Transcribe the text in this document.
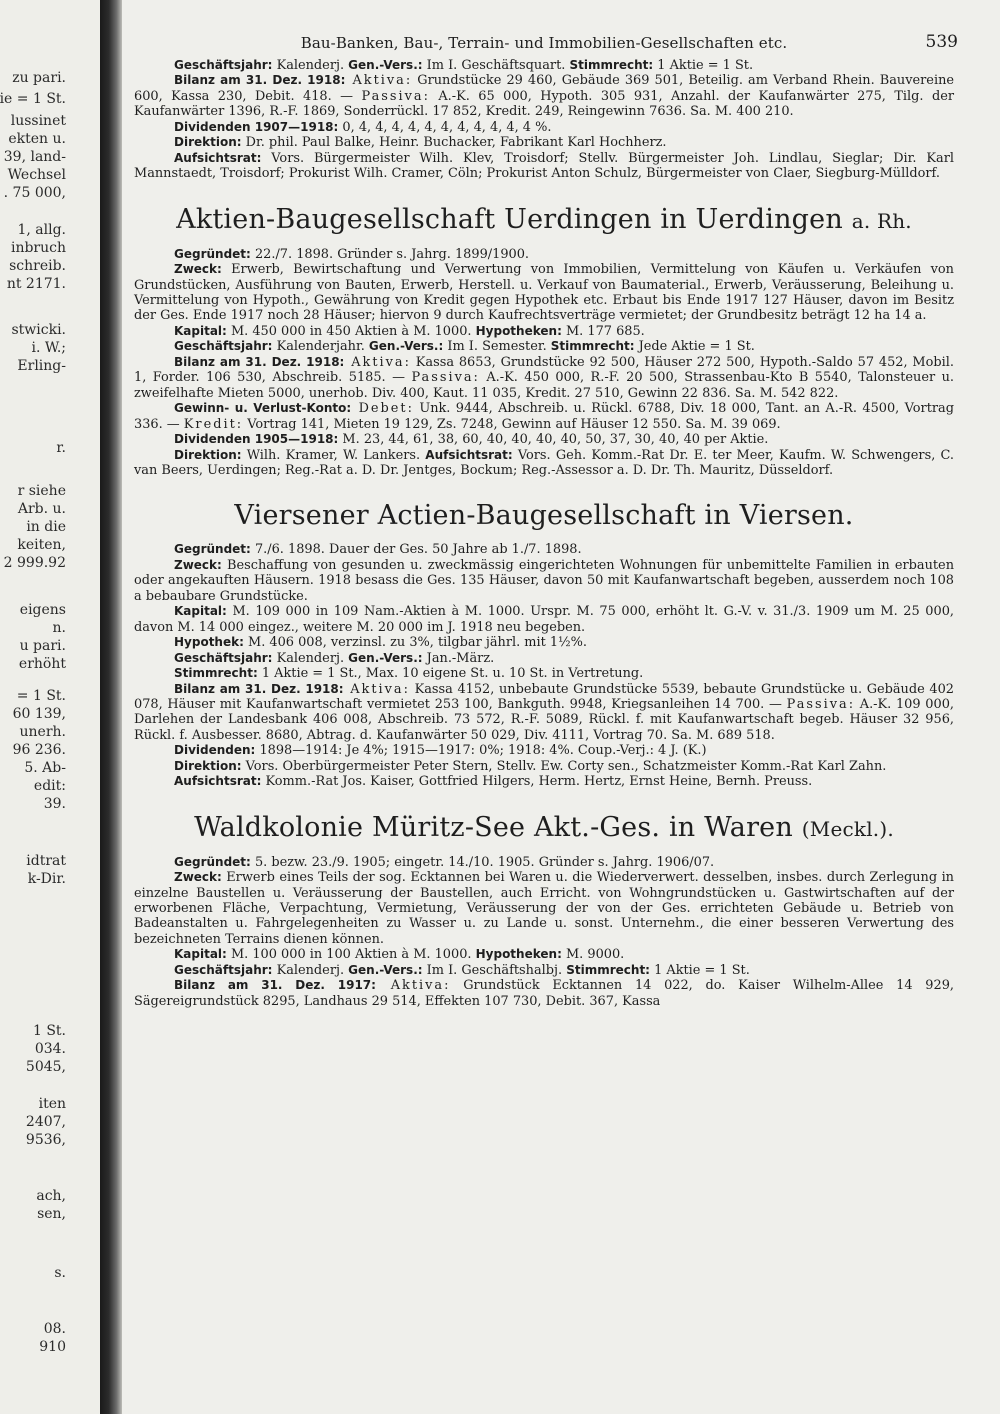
zu pari.
ie = 1 St.
lussinet
ekten u.
39, land-
Wechsel
. 75 000,
1, allg.
inbruch
schreib.
nt 2171.
stwicki.
i. W.;
Erling-
r.
r siehe
Arb. u.
in die
keiten,
2 999.92
eigens
n.
u pari.
erhöht
= 1 St.
60 139,
unerh.
96 236.
5. Ab-
edit:
39.
idtrat
k-Dir.
1 St.
034.
5045,
iten
2407,
9536,
ach,
sen,
s.
08.
910
Bau-Banken, Bau-, Terrain- und Immobilien-Gesellschaften etc.	539

Geschäftsjahr: Kalenderj. Gen.-Vers.: Im I. Geschäftsquart. Stimmrecht: 1 Aktie = 1 St.

Bilanz am 31. Dez. 1918: Aktiva: Grundstücke 29 460, Gebäude 369 501, Beteilig. am Verband Rhein. Bauvereine 600, Kassa 230, Debit. 418. — Passiva: A.-K. 65 000, Hypoth. 305 931, Anzahl. der Kaufanwärter 275, Tilg. der Kaufanwärter 1396, R.-F. 1869, Sonderrückl. 17 852, Kredit. 249, Reingewinn 7636. Sa. M. 400 210.

Dividenden 1907—1918: 0, 4, 4, 4, 4, 4, 4, 4, 4, 4, 4, 4 %.

Direktion: Dr. phil. Paul Balke, Heinr. Buchacker, Fabrikant Karl Hochherz.

Aufsichtsrat: Vors. Bürgermeister Wilh. Klev, Troisdorf; Stellv. Bürgermeister Joh. Lindlau, Sieglar; Dir. Karl Mannstaedt, Troisdorf; Prokurist Wilh. Cramer, Cöln; Prokurist Anton Schulz, Bürgermeister von Claer, Siegburg-Mülldorf.

Aktien-Baugesellschaft Uerdingen in Uerdingen a. Rh.

Gegründet: 22./7. 1898. Gründer s. Jahrg. 1899/1900.

Zweck: Erwerb, Bewirtschaftung und Verwertung von Immobilien, Vermittelung von Käufen u. Verkäufen von Grundstücken, Ausführung von Bauten, Erwerb, Herstell. u. Verkauf von Baumaterial., Erwerb, Veräusserung, Beleihung u. Vermittelung von Hypoth., Gewährung von Kredit gegen Hypothek etc. Erbaut bis Ende 1917 127 Häuser, davon im Besitz der Ges. Ende 1917 noch 28 Häuser; hiervon 9 durch Kaufrechtsverträge vermietet; der Grundbesitz beträgt 12 ha 14 a.

Kapital: M. 450 000 in 450 Aktien à M. 1000. Hypotheken: M. 177 685.

Geschäftsjahr: Kalenderjahr. Gen.-Vers.: Im I. Semester. Stimmrecht: Jede Aktie = 1 St.

Bilanz am 31. Dez. 1918: Aktiva: Kassa 8653, Grundstücke 92 500, Häuser 272 500, Hypoth.-Saldo 57 452, Mobil. 1, Forder. 106 530, Abschreib. 5185. — Passiva: A.-K. 450 000, R.-F. 20 500, Strassenbau-Kto B 5540, Talonsteuer u. zweifelhafte Mieten 5000, unerhob. Div. 400, Kaut. 11 035, Kredit. 27 510, Gewinn 22 836. Sa. M. 542 822.

Gewinn- u. Verlust-Konto: Debet: Unk. 9444, Abschreib. u. Rückl. 6788, Div. 18 000, Tant. an A.-R. 4500, Vortrag 336. — Kredit: Vortrag 141, Mieten 19 129, Zs. 7248, Gewinn auf Häuser 12 550. Sa. M. 39 069.

Dividenden 1905—1918: M. 23, 44, 61, 38, 60, 40, 40, 40, 40, 50, 37, 30, 40, 40 per Aktie.

Direktion: Wilh. Kramer, W. Lankers. Aufsichtsrat: Vors. Geh. Komm.-Rat Dr. E. ter Meer, Kaufm. W. Schwengers, C. van Beers, Uerdingen; Reg.-Rat a. D. Dr. Jentges, Bockum; Reg.-Assessor a. D. Dr. Th. Mauritz, Düsseldorf.

Viersener Actien-Baugesellschaft in Viersen.

Gegründet: 7./6. 1898. Dauer der Ges. 50 Jahre ab 1./7. 1898.

Zweck: Beschaffung von gesunden u. zweckmässig eingerichteten Wohnungen für unbemittelte Familien in erbauten oder angekauften Häusern. 1918 besass die Ges. 135 Häuser, davon 50 mit Kaufanwartschaft begeben, ausserdem noch 108 a bebaubare Grundstücke.

Kapital: M. 109 000 in 109 Nam.-Aktien à M. 1000. Urspr. M. 75 000, erhöht lt. G.-V. v. 31./3. 1909 um M. 25 000, davon M. 14 000 eingez., weitere M. 20 000 im J. 1918 neu begeben.

Hypothek: M. 406 008, verzinsl. zu 3%, tilgbar jährl. mit 1½%.

Geschäftsjahr: Kalenderj. Gen.-Vers.: Jan.-März.

Stimmrecht: 1 Aktie = 1 St., Max. 10 eigene St. u. 10 St. in Vertretung.

Bilanz am 31. Dez. 1918: Aktiva: Kassa 4152, unbebaute Grundstücke 5539, bebaute Grundstücke u. Gebäude 402 078, Häuser mit Kaufanwartschaft vermietet 253 100, Bankguth. 9948, Kriegsanleihen 14 700. — Passiva: A.-K. 109 000, Darlehen der Landesbank 406 008, Abschreib. 73 572, R.-F. 5089, Rückl. f. mit Kaufanwartschaft begeb. Häuser 32 956, Rückl. f. Ausbesser. 8680, Abtrag. d. Kaufanwärter 50 029, Div. 4111, Vortrag 70. Sa. M. 689 518.

Dividenden: 1898—1914: Je 4%; 1915—1917: 0%; 1918: 4%. Coup.-Verj.: 4 J. (K.)

Direktion: Vors. Oberbürgermeister Peter Stern, Stellv. Ew. Corty sen., Schatzmeister Komm.-Rat Karl Zahn.

Aufsichtsrat: Komm.-Rat Jos. Kaiser, Gottfried Hilgers, Herm. Hertz, Ernst Heine, Bernh. Preuss.

Waldkolonie Müritz-See Akt.-Ges. in Waren (Meckl.).

Gegründet: 5. bezw. 23./9. 1905; eingetr. 14./10. 1905. Gründer s. Jahrg. 1906/07.

Zweck: Erwerb eines Teils der sog. Ecktannen bei Waren u. die Wiederverwert. desselben, insbes. durch Zerlegung in einzelne Baustellen u. Veräusserung der Baustellen, auch Erricht. von Wohngrundstücken u. Gastwirtschaften auf der erworbenen Fläche, Verpachtung, Vermietung, Veräusserung der von der Ges. errichteten Gebäude u. Betrieb von Badeanstalten u. Fahrgelegenheiten zu Wasser u. zu Lande u. sonst. Unternehm., die einer besseren Verwertung des bezeichneten Terrains dienen können.

Kapital: M. 100 000 in 100 Aktien à M. 1000. Hypotheken: M. 9000.

Geschäftsjahr: Kalenderj. Gen.-Vers.: Im I. Geschäftshalbj. Stimmrecht: 1 Aktie = 1 St.

Bilanz am 31. Dez. 1917: Aktiva: Grundstück Ecktannen 14 022, do. Kaiser Wilhelm-Allee 14 929, Sägereigrundstück 8295, Landhaus 29 514, Effekten 107 730, Debit. 367, Kassa
